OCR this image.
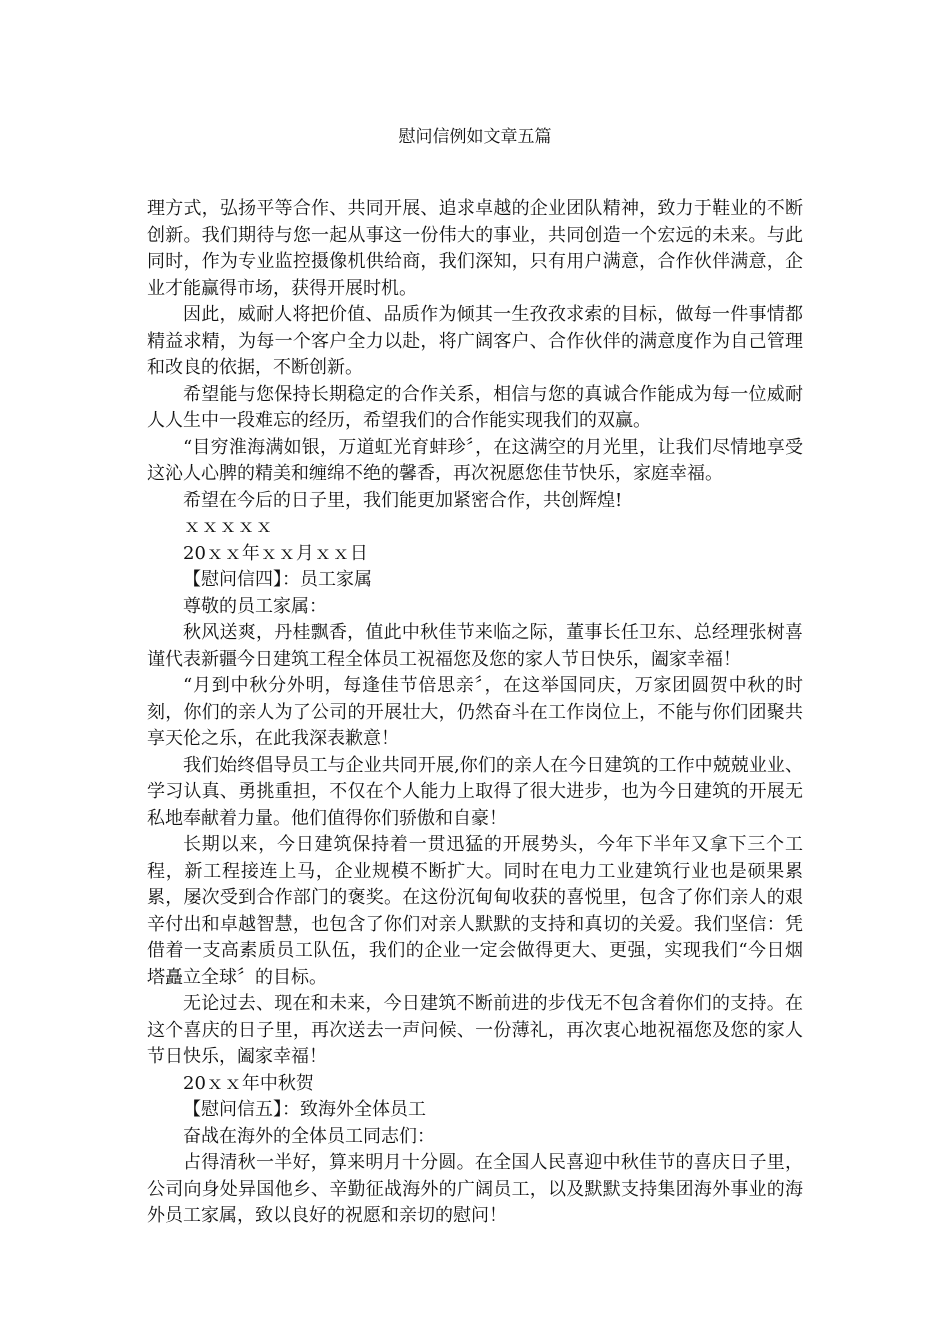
慰问信例如文章五篇

理方式，弘扬平等合作、共同开展、追求卓越的企业团队精神，致力于鞋业的不断创新。我们期待与您一起从事这一份伟大的事业，共同创造一个宏远的未来。与此同时，作为专业监控摄像机供给商，我们深知，只有用户满意，合作伙伴满意，企业才能赢得市场，获得开展时机。

因此，威耐人将把价值、品质作为倾其一生孜孜求索的目标，做每一件事情都精益求精，为每一个客户全力以赴，将广阔客户、合作伙伴的满意度作为自己管理和改良的依据，不断创新。

希望能与您保持长期稳定的合作关系，相信与您的真诚合作能成为每一位威耐人人生中一段难忘的经历，希望我们的合作能实现我们的双赢。

“目穷淮海满如银，万道虹光育蚌珍〞，在这满空的月光里，让我们尽情地享受这沁人心脾的精美和缠绵不绝的馨香，再次祝愿您佳节快乐，家庭幸福。

希望在今后的日子里，我们能更加紧密合作，共创辉煌!

ｘｘｘｘｘ

20ｘｘ年ｘｘ月ｘｘ日

【慰问信四】：员工家属

尊敬的员工家属：

秋风送爽，丹桂飘香，值此中秋佳节来临之际，董事长任卫东、总经理张树喜谨代表新疆今日建筑工程全体员工祝福您及您的家人节日快乐，阖家幸福！

“月到中秋分外明，每逢佳节倍思亲〞，在这举国同庆，万家团圆贺中秋的时刻，你们的亲人为了公司的开展壮大，仍然奋斗在工作岗位上，不能与你们团聚共享天伦之乐，在此我深表歉意！

我们始终倡导员工与企业共同开展,你们的亲人在今日建筑的工作中兢兢业业、学习认真、勇挑重担，不仅在个人能力上取得了很大进步，也为今日建筑的开展无私地奉献着力量。他们值得你们骄傲和自豪！

长期以来，今日建筑保持着一贯迅猛的开展势头，今年下半年又拿下三个工程，新工程接连上马，企业规模不断扩大。同时在电力工业建筑行业也是硕果累累，屡次受到合作部门的褒奖。在这份沉甸甸收获的喜悦里，包含了你们亲人的艰辛付出和卓越智慧，也包含了你们对亲人默默的支持和真切的关爱。我们坚信：凭借着一支高素质员工队伍，我们的企业一定会做得更大、更强，实现我们“今日烟塔矗立全球〞的目标。

无论过去、现在和未来，今日建筑不断前进的步伐无不包含着你们的支持。在这个喜庆的日子里，再次送去一声问候、一份薄礼，再次衷心地祝福您及您的家人节日快乐，阖家幸福！

20ｘｘ年中秋贺

【慰问信五】：致海外全体员工

奋战在海外的全体员工同志们：

占得清秋一半好，算来明月十分圆。在全国人民喜迎中秋佳节的喜庆日子里，公司向身处异国他乡、辛勤征战海外的广阔员工，以及默默支持集团海外事业的海外员工家属，致以良好的祝愿和亲切的慰问！
